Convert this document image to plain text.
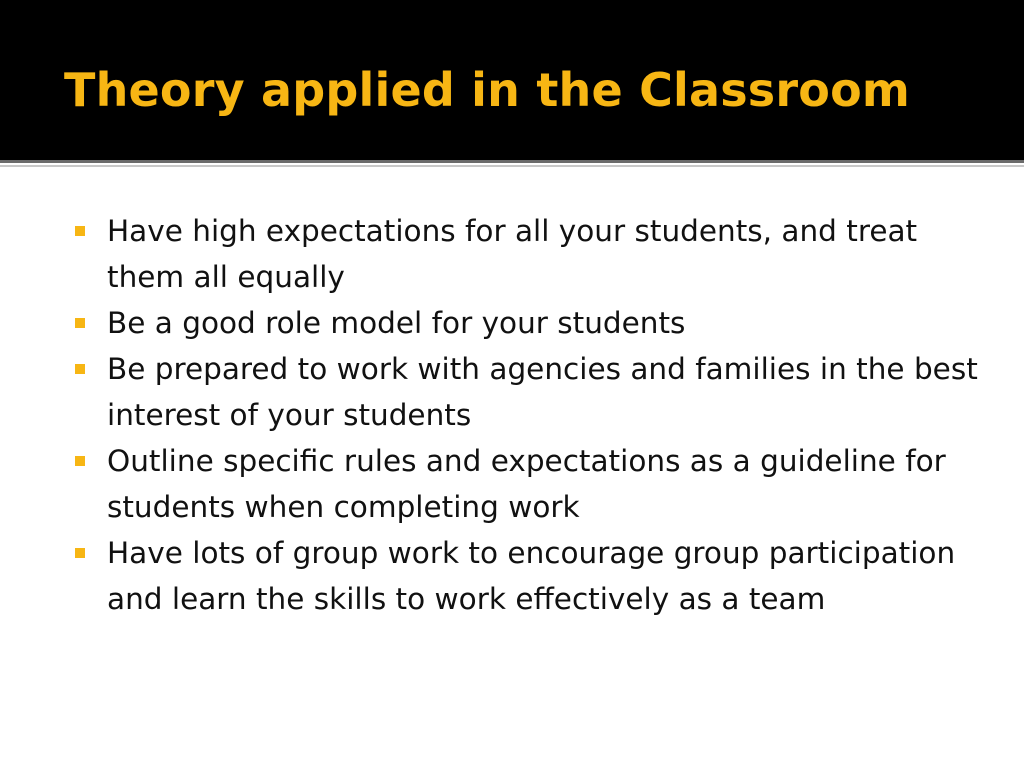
Theory applied in the Classroom
Have high expectations for all your students, and treat them all equally
Be a good role model for your students
Be prepared to work with agencies and families in the best interest of your students
Outline specific rules and expectations as a guideline for students when completing work
Have lots of group work to encourage group participation and learn the skills to work effectively as a team
